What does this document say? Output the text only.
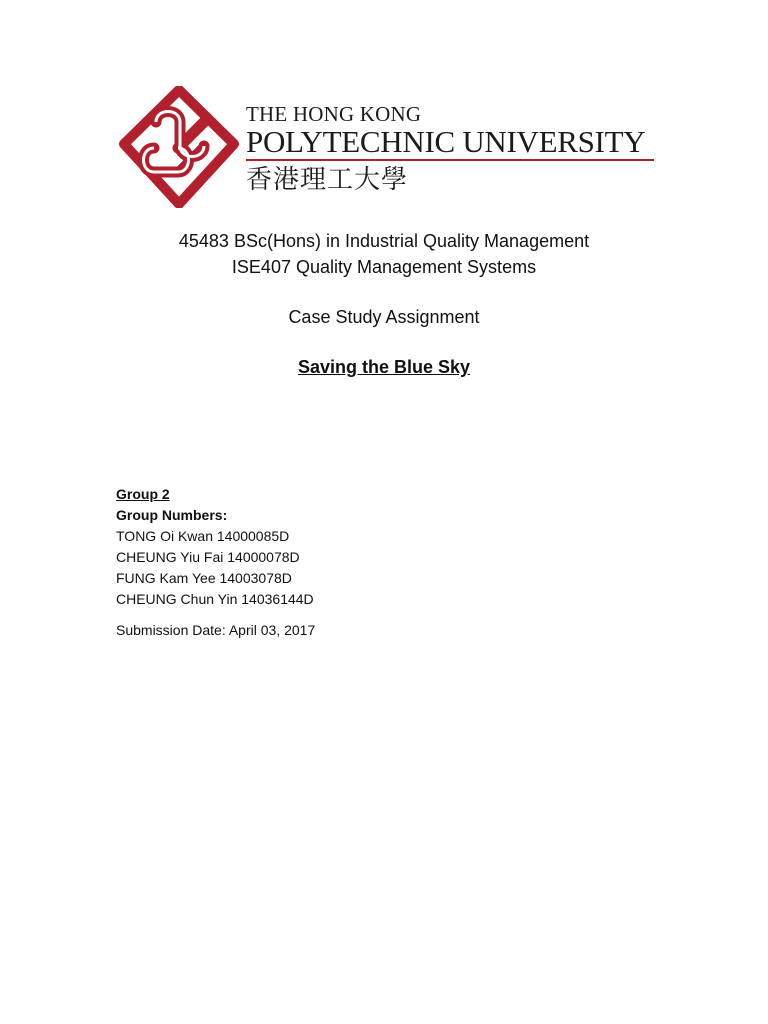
THE HONG KONG
POLYTECHNIC UNIVERSITY
香港理工大學
45483 BSc(Hons) in Industrial Quality Management
ISE407 Quality Management Systems
Case Study Assignment
Saving the Blue Sky
Group 2
Group Numbers:
TONG Oi Kwan 14000085D
CHEUNG Yiu Fai 14000078D
FUNG Kam Yee 14003078D
CHEUNG Chun Yin 14036144D
Submission Date: April 03, 2017
